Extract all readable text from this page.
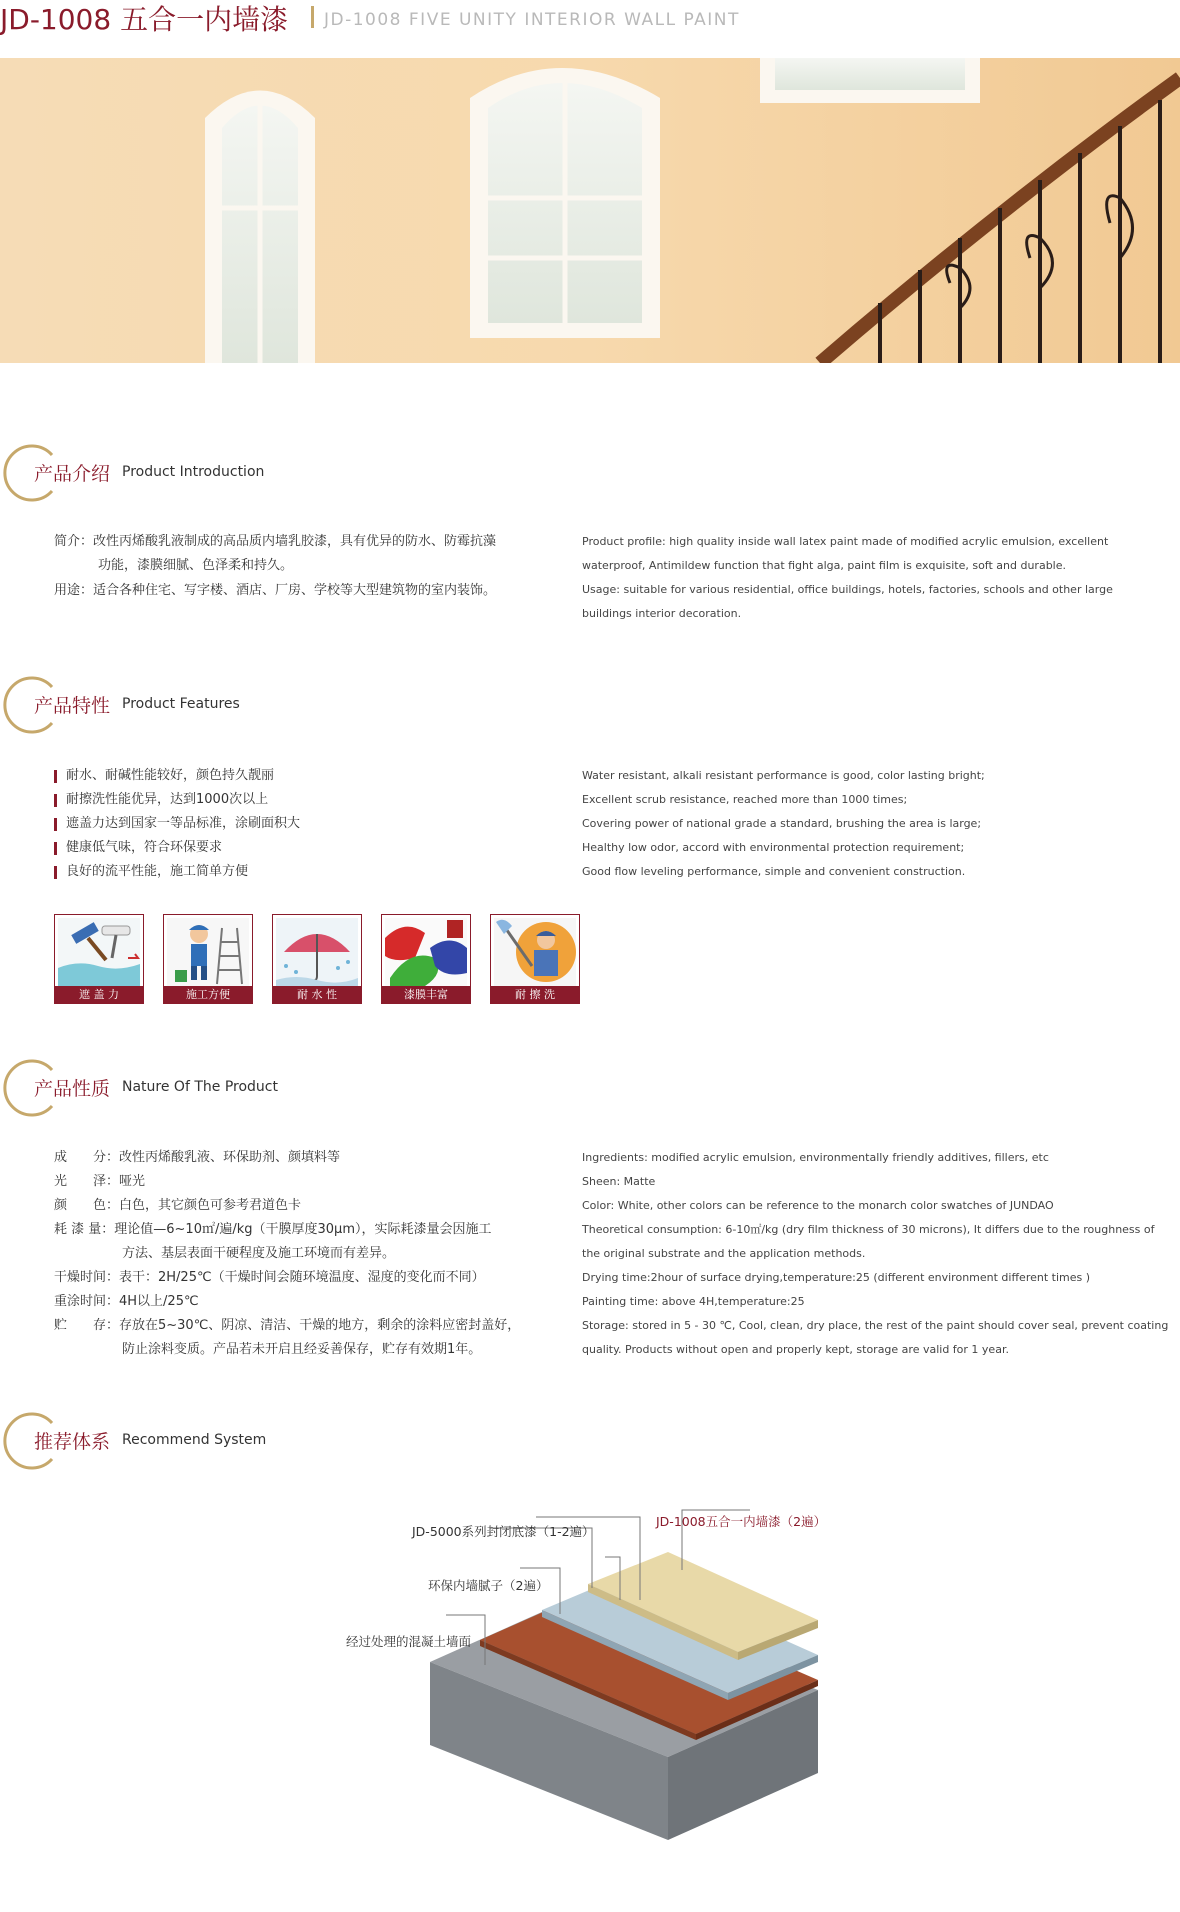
JD-1008 五合一内墙漆 JD-1008 FIVE UNITY INTERIOR WALL PAINT
产品介绍 Product Introduction
简介：改性丙烯酸乳液制成的高品质内墙乳胶漆，具有优异的防水、防霉抗藻
功能，漆膜细腻、色泽柔和持久。
用途：适合各种住宅、写字楼、酒店、厂房、学校等大型建筑物的室内装饰。
Product profile: high quality inside wall latex paint made of modified acrylic emulsion, excellent
waterproof, Antimildew function that fight alga, paint film is exquisite, soft and durable.
Usage: suitable for various residential, office buildings, hotels, factories, schools and other large
buildings interior decoration.
产品特性 Product Features
耐水、耐碱性能较好，颜色持久靓丽
耐擦洗性能优异，达到1000次以上
遮盖力达到国家一等品标准，涂刷面积大
健康低气味，符合环保要求
良好的流平性能，施工简单方便
Water resistant, alkali resistant performance is good, color lasting bright;
Excellent scrub resistance, reached more than 1000 times;
Covering power of national grade a standard, brushing the area is large;
Healthy low odor, accord with environmental protection requirement;
Good flow leveling performance, simple and convenient construction.
遮 盖 力	施工方便	耐 水 性	漆膜丰富	耐 擦 洗
产品性质 Nature Of The Product
成　　分：改性丙烯酸乳液、环保助剂、颜填料等
光　　泽：哑光
颜　　色：白色，其它颜色可参考君道色卡
耗 漆 量：理论值—6~10㎡/遍/kg（干膜厚度30μm），实际耗漆量会因施工
方法、基层表面干硬程度及施工环境而有差异。
干燥时间：表干：2H/25℃（干燥时间会随环境温度、湿度的变化而不同）
重涂时间：4H以上/25℃
贮　　存：存放在5~30℃、阴凉、清洁、干燥的地方，剩余的涂料应密封盖好，
防止涂料变质。产品若未开启且经妥善保存，贮存有效期1年。
Ingredients: modified acrylic emulsion, environmentally friendly additives, fillers, etc
Sheen: Matte
Color: White, other colors can be reference to the monarch color swatches of JUNDAO
Theoretical consumption: 6-10㎡/kg (dry film thickness of 30 microns), It differs due to the roughness of
the original substrate and the application methods.
Drying time:2hour of surface drying,temperature:25 (different environment different times )
Painting time: above 4H,temperature:25
Storage: stored in 5 - 30 ℃, Cool, clean, dry place, the rest of the paint should cover seal, prevent coating
quality. Products without open and properly kept, storage are valid for 1 year.
推荐体系 Recommend System
JD-1008五合一内墙漆（2遍）
JD-5000系列封闭底漆（1-2遍）
环保内墙腻子（2遍）
经过处理的混凝土墙面
